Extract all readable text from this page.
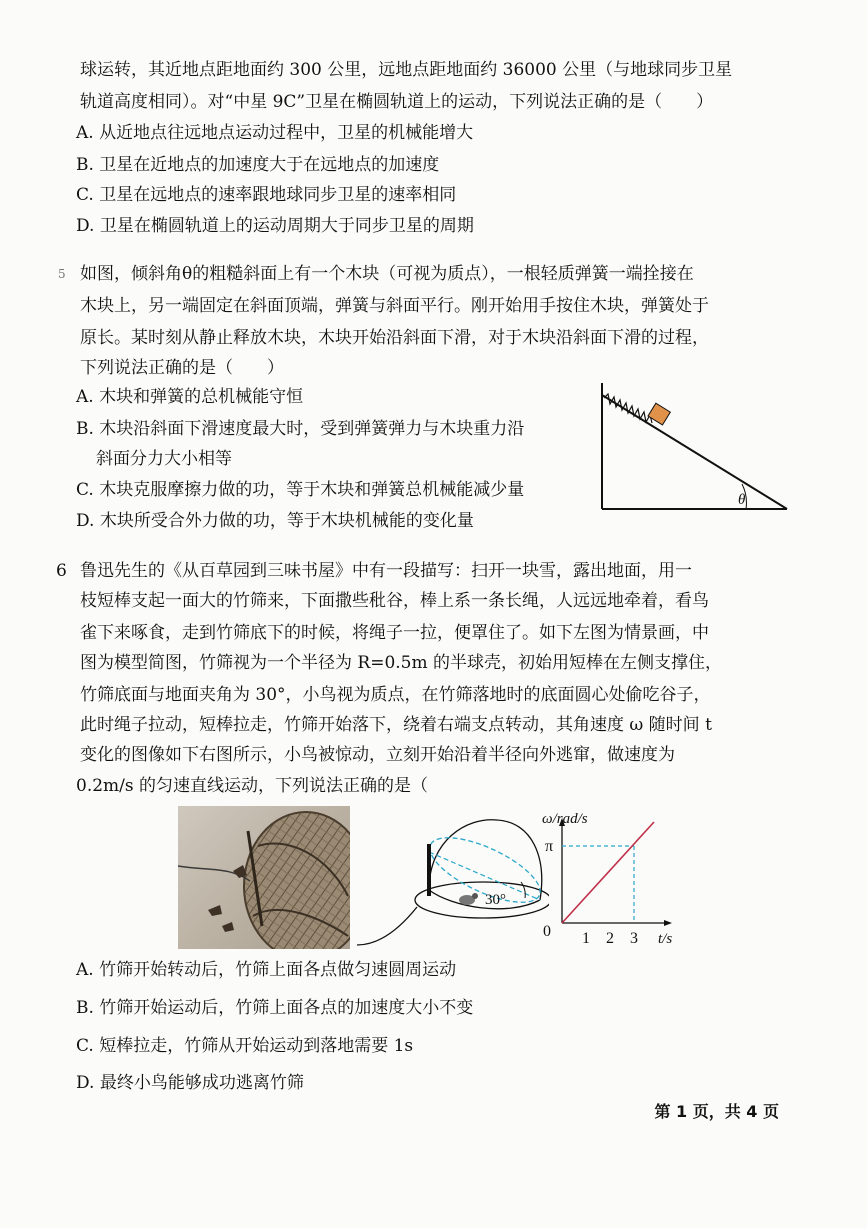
球运转，其近地点距地面约 300 公里，远地点距地面约 36000 公里（与地球同步卫星
轨道高度相同）。对“中星 9C”卫星在椭圆轨道上的运动，下列说法正确的是（　　）
A. 从近地点往远地点运动过程中，卫星的机械能增大
B. 卫星在近地点的加速度大于在远地点的加速度
C. 卫星在远地点的速率跟地球同步卫星的速率相同
D. 卫星在椭圆轨道上的运动周期大于同步卫星的周期
5 如图，倾斜角θ的粗糙斜面上有一个木块（可视为质点），一根轻质弹簧一端拴接在
木块上，另一端固定在斜面顶端，弹簧与斜面平行。刚开始用手按住木块，弹簧处于
原长。某时刻从静止释放木块，木块开始沿斜面下滑，对于木块沿斜面下滑的过程，
下列说法正确的是（　　）
A. 木块和弹簧的总机械能守恒
B. 木块沿斜面下滑速度最大时，受到弹簧弹力与木块重力沿
斜面分力大小相等
C. 木块克服摩擦力做的功，等于木块和弹簧总机械能减少量
D. 木块所受合外力做的功，等于木块机械能的变化量
θ
6 鲁迅先生的《从百草园到三味书屋》中有一段描写：扫开一块雪，露出地面，用一
枝短棒支起一面大的竹筛来，下面撒些秕谷，棒上系一条长绳，人远远地牵着，看鸟
雀下来啄食，走到竹筛底下的时候，将绳子一拉，便罩住了。如下左图为情景画，中
图为模型简图，竹筛视为一个半径为 R=0.5m 的半球壳，初始用短棒在左侧支撑住，
竹筛底面与地面夹角为 30°，小鸟视为质点，在竹筛落地时的底面圆心处偷吃谷子，
此时绳子拉动，短棒拉走，竹筛开始落下，绕着右端支点转动，其角速度 ω 随时间 t
变化的图像如下右图所示，小鸟被惊动，立刻开始沿着半径向外逃窜，做速度为
0.2m/s 的匀速直线运动，下列说法正确的是（
30°
ω/rad/s
t/s
0 1 2 3
π
A. 竹筛开始转动后，竹筛上面各点做匀速圆周运动
B. 竹筛开始运动后，竹筛上面各点的加速度大小不变
C. 短棒拉走，竹筛从开始运动到落地需要 1s
D. 最终小鸟能够成功逃离竹筛
第 1 页，共 4 页
